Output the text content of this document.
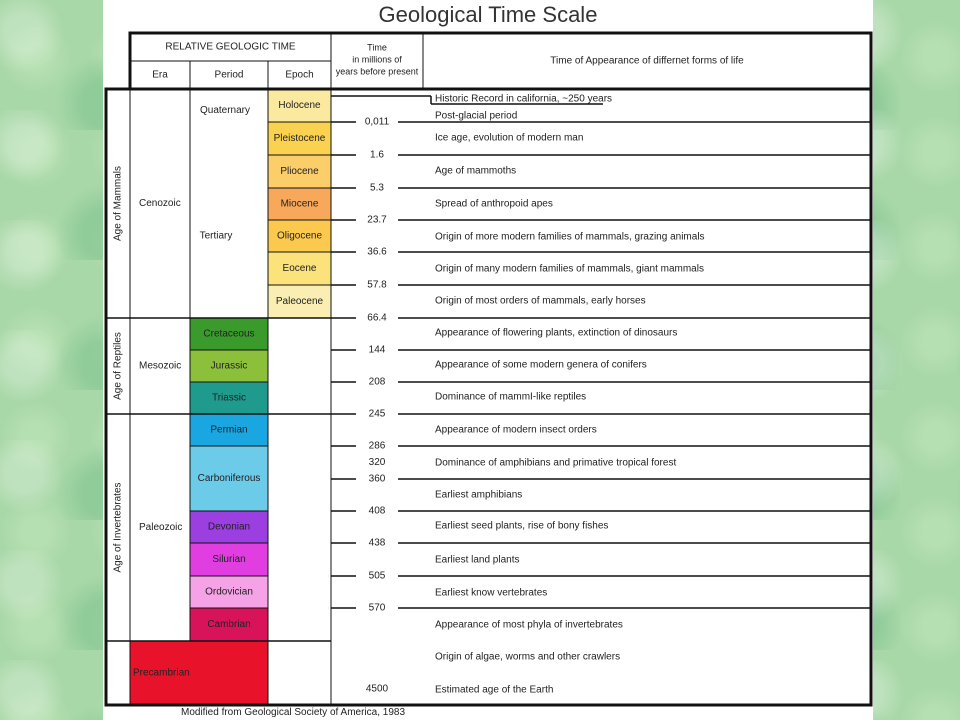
Geological Time Scale
Holocene
Pleistocene
Pliocene
Miocene
Oligocene
Eocene
Paleocene
Cretaceous
Jurassic
Triassic
Permian
Carboniferous
Devonian
Silurian
Ordovician
Cambrian
Precambrian
RELATIVE GEOLOGIC TIME
Era	Period	Epoch
Time
in millions of
years before present
Time of Appearance of differnet forms of life
Age of Mammals
Age of Reptiles
Age of Invertebrates
Cenozoic
Mesozoic
Paleozoic
Quaternary
Tertiary
0,011
1.6
5.3
23.7
36.6
57.8
66.4
144
208
245
286
360
408
438
505
570
320
4500
Historic Record in california, ~250 years
Post-glacial period
Ice age, evolution of modern man
Age of mammoths
Spread of anthropoid apes
Origin of more modern families of mammals, grazing animals
Origin of many modern families of mammals, giant mammals
Origin of most orders of mammals, early horses
Appearance of flowering plants, extinction of dinosaurs
Appearance of some modern genera of conifers
Dominance of mammI-like reptiles
Appearance of modern insect orders
Dominance of amphibians and primative tropical forest
Earliest amphibians
Earliest seed plants, rise of bony fishes
Earliest land plants
Earliest know vertebrates
Appearance of most phyla of invertebrates
Origin of algae, worms and other crawlers
Estimated age of the Earth
Modified from Geological Society of America, 1983
